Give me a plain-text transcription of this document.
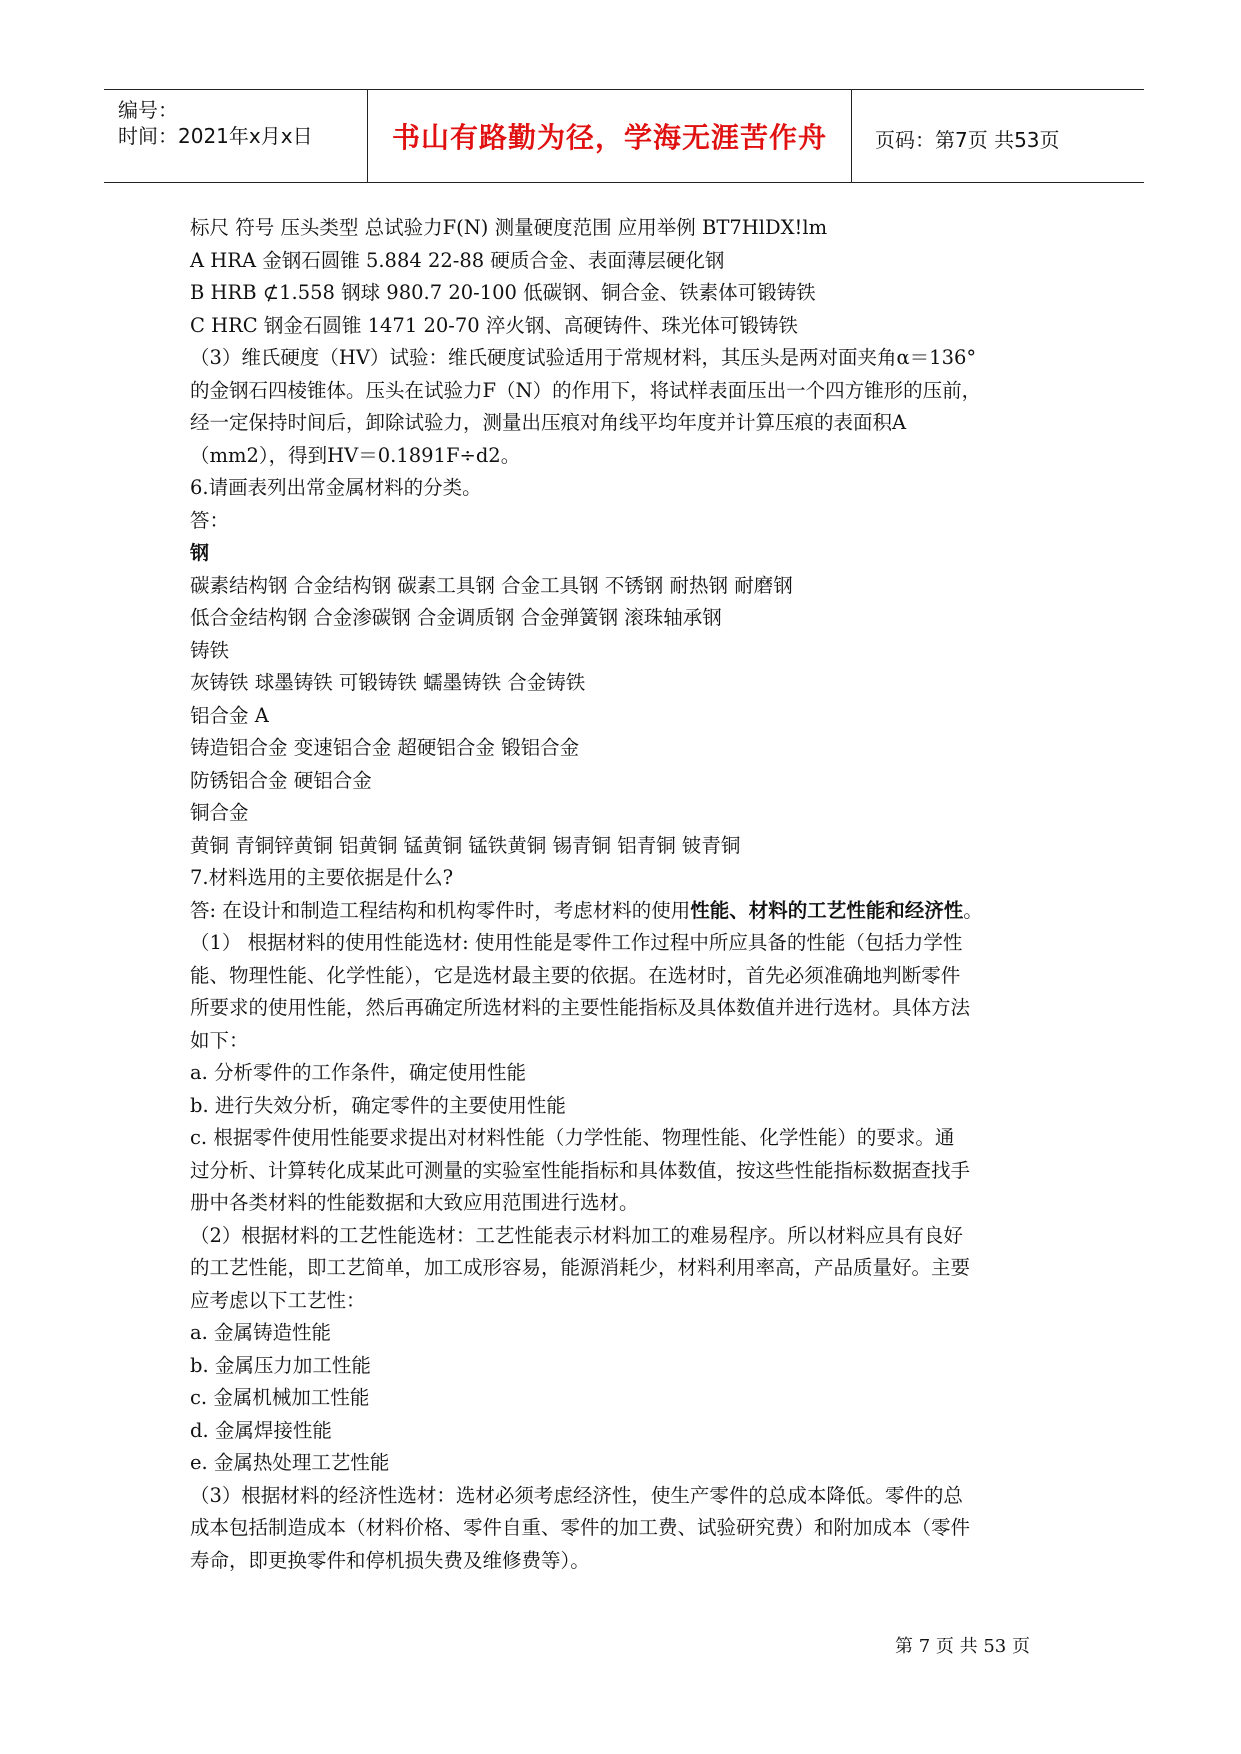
编号：
时间：2021年x月x日	书山有路勤为径，学海无涯苦作舟	页码：第7页 共53页
标尺 符号 压头类型 总试验力F(N) 测量硬度范围 应用举例 BT7HlDX!lm
A HRA 金钢石圆锥 5.884 22-88 硬质合金、表面薄层硬化钢
B HRB ⊄1.558 钢球 980.7 20-100 低碳钢、铜合金、铁素体可锻铸铁
C HRC 钢金石圆锥 1471 20-70 淬火钢、高硬铸件、珠光体可锻铸铁
（3）维氏硬度（HV）试验：维氏硬度试验适用于常规材料，其压头是两对面夹角α＝136°
的金钢石四棱锥体。压头在试验力F（N）的作用下，将试样表面压出一个四方锥形的压前，
经一定保持时间后，卸除试验力，测量出压痕对角线平均年度并计算压痕的表面积A
（mm2），得到HV＝0.1891F÷d2。
6.请画表列出常金属材料的分类。
答：
钢
碳素结构钢 合金结构钢 碳素工具钢 合金工具钢 不锈钢 耐热钢 耐磨钢
低合金结构钢 合金渗碳钢 合金调质钢 合金弹簧钢 滚珠轴承钢
铸铁
灰铸铁 球墨铸铁 可锻铸铁 蠕墨铸铁 合金铸铁
铝合金 A
铸造铝合金 变速铝合金 超硬铝合金 锻铝合金
防锈铝合金 硬铝合金
铜合金
黄铜 青铜锌黄铜 铝黄铜 锰黄铜 锰铁黄铜 锡青铜 铝青铜 铍青铜
7.材料选用的主要依据是什么?
答: 在设计和制造工程结构和机构零件时，考虑材料的使用性能、材料的工艺性能和经济性。
（1） 根据材料的使用性能选材: 使用性能是零件工作过程中所应具备的性能（包括力学性
能、物理性能、化学性能），它是选材最主要的依据。在选材时，首先必须准确地判断零件
所要求的使用性能，然后再确定所选材料的主要性能指标及具体数值并进行选材。具体方法
如下：
a. 分析零件的工作条件，确定使用性能
b. 进行失效分析，确定零件的主要使用性能
c. 根据零件使用性能要求提出对材料性能（力学性能、物理性能、化学性能）的要求。通
过分析、计算转化成某此可测量的实验室性能指标和具体数值，按这些性能指标数据查找手
册中各类材料的性能数据和大致应用范围进行选材。
（2）根据材料的工艺性能选材：工艺性能表示材料加工的难易程序。所以材料应具有良好
的工艺性能，即工艺简单，加工成形容易，能源消耗少，材料利用率高，产品质量好。主要
应考虑以下工艺性：
a. 金属铸造性能
b. 金属压力加工性能
c. 金属机械加工性能
d. 金属焊接性能
e. 金属热处理工艺性能
（3）根据材料的经济性选材：选材必须考虑经济性，使生产零件的总成本降低。零件的总
成本包括制造成本（材料价格、零件自重、零件的加工费、试验研究费）和附加成本（零件
寿命，即更换零件和停机损失费及维修费等）。
第 7 页 共 53 页
